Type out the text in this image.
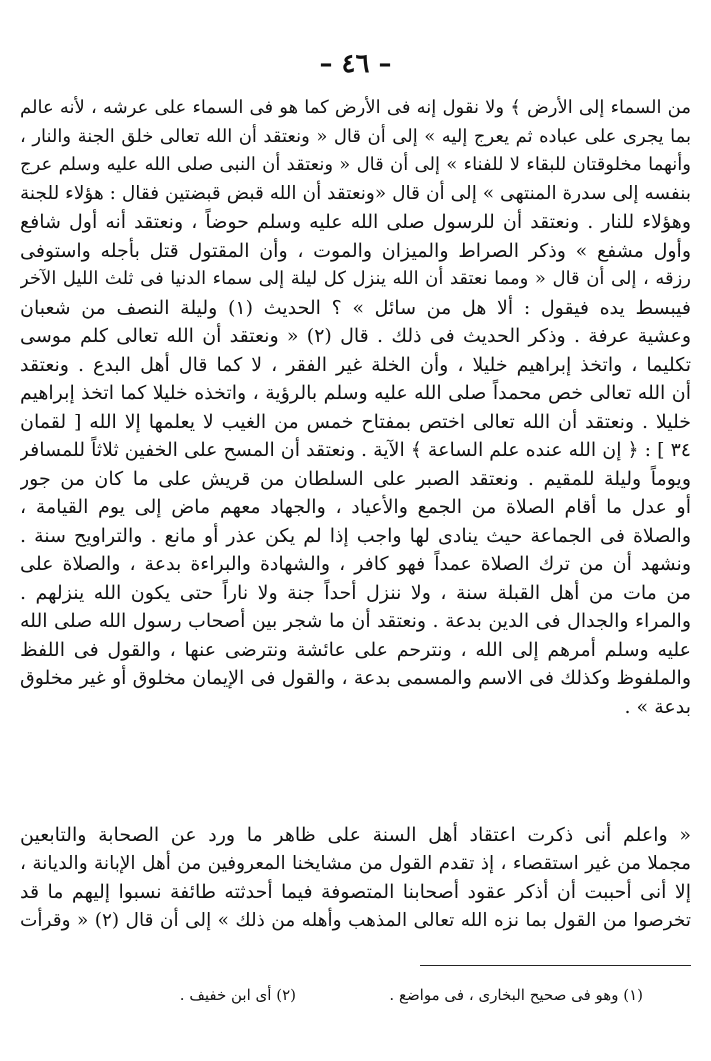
– ٤٦ –
من السماء إلى الأرض ﴾ ولا نقول إنه فى الأرض كما هو فى السماء على عرشه ، لأنه عالم
بما يجرى على عباده ثم يعرج إليه » إلى أن قال « ونعتقد أن الله تعالى خلق الجنة والنار ،
وأنهما مخلوقتان للبقاء لا للفناء » إلى أن قال « ونعتقد أن النبى صلى الله عليه وسلم عرج
بنفسه إلى سدرة المنتهى » إلى أن قال «ونعتقد أن الله قبض قبضتين فقال : هؤلاء للجنة
وهؤلاء للنار . ونعتقد أن للرسول صلى الله عليه وسلم حوضاً ، ونعتقد أنه أول شافع
وأول مشفع » وذكر الصراط والميزان والموت ، وأن المقتول قتل بأجله واستوفى
رزقه ، إلى أن قال « ومما نعتقد أن الله ينزل كل ليلة إلى سماء الدنيا فى ثلث الليل الآخر
فيبسط يده فيقول : ألا هل من سائل » ؟ الحديث (١) وليلة النصف من شعبان
وعشية عرفة . وذكر الحديث فى ذلك . قال (٢) « ونعتقد أن الله تعالى كلم موسى
تكليما ، واتخذ إبراهيم خليلا ، وأن الخلة غير الفقر ، لا كما قال أهل البدع . ونعتقد
أن الله تعالى خص محمداً صلى الله عليه وسلم بالرؤية ، واتخذه خليلا كما اتخذ إبراهيم
خليلا . ونعتقد أن الله تعالى اختص بمفتاح خمس من الغيب لا يعلمها إلا الله [ لقمان
٣٤ ] : ﴿ إن الله عنده علم الساعة ﴾ الآية . ونعتقد أن المسح على الخفين ثلاثاً للمسافر
ويوماً وليلة للمقيم . ونعتقد الصبر على السلطان من قريش على ما كان من جور
أو عدل ما أقام الصلاة من الجمع والأعياد ، والجهاد معهم ماض إلى يوم القيامة ،
والصلاة فى الجماعة حيث ينادى لها واجب إذا لم يكن عذر أو مانع . والتراويح سنة .
ونشهد أن من ترك الصلاة عمداً فهو كافر ، والشهادة والبراءة بدعة ، والصلاة على
من مات من أهل القبلة سنة ، ولا ننزل أحداً جنة ولا ناراً حتى يكون الله ينزلهم .
والمراء والجدال فى الدين بدعة . ونعتقد أن ما شجر بين أصحاب رسول الله صلى الله
عليه وسلم أمرهم إلى الله ، ونترحم على عائشة ونترضى عنها ، والقول فى اللفظ
والملفوظ وكذلك فى الاسم والمسمى بدعة ، والقول فى الإيمان مخلوق أو غير مخلوق
بدعة » .
« واعلم أنى ذكرت اعتقاد أهل السنة على ظاهر ما ورد عن الصحابة والتابعين
مجملا من غير استقصاء ، إذ تقدم القول من مشايخنا المعروفين من أهل الإبانة والديانة ،
إلا أنى أحببت أن أذكر عقود أصحابنا المتصوفة فيما أحدثته طائفة نسبوا إليهم ما قد
تخرصوا من القول بما نزه الله تعالى المذهب وأهله من ذلك » إلى أن قال (٢) « وقرأت
(١) وهو فى صحيح البخارى ، فى مواضع .
(٢) أى ابن خفيف .
